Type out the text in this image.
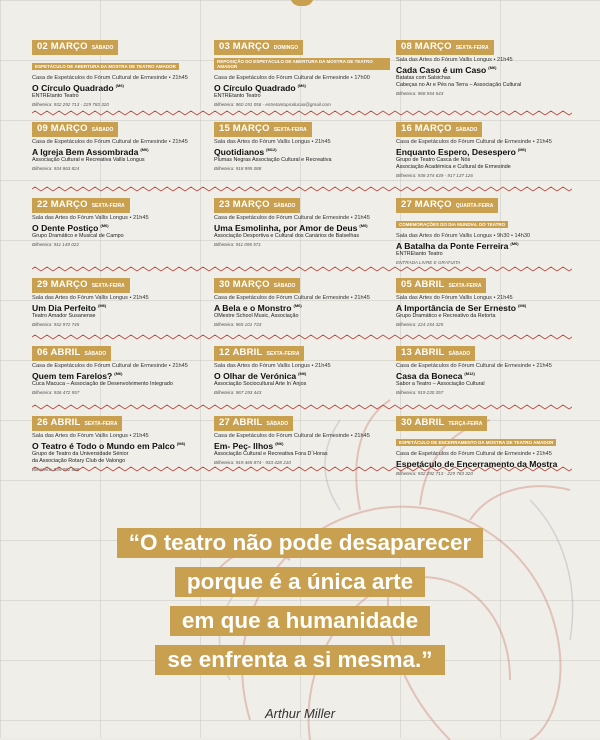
02 MARÇO SÁBADO
ESPETÁCULO DE ABERTURA DA MOSTRA DE TEATRO AMADOR
Casa de Espetáculos do Fórum Cultural de Ermesinde • 21h45
O Círculo Quadrado $^{(M6)}$
ENTREtanto Teatro
Bilheteira: 932 292 713 - 229 783 320
03 MARÇO DOMINGO
REPOSIÇÃO DO ESPETÁCULO DE ABERTURA DA MOSTRA DE TEATRO AMADOR
Casa de Espetáculos do Fórum Cultural de Ermesinde • 17h00
O Círculo Quadrado $^{(M6)}$
ENTREtanto Teatro
Bilheteira: 960 191 056 - entretantoproducao@gmail.com
08 MARÇO SEXTA-FEIRA
Sala das Artes do Fórum Vallis Longus • 21h45
Cada Caso é um Caso $^{(M6)}$
Batatas com Salsichas
Cabeças no Ar e Pés na Terra – Associação Cultural
Bilheteira: 968 554 543
09 MARÇO SÁBADO
Casa de Espetáculos do Fórum Cultural de Ermesinde • 21h45
A Igreja Bem Assombrada $^{(M6)}$
Associação Cultural e Recreativa Vallis Longus
Bilheteira: 934 863 824
15 MARÇO SEXTA-FEIRA
Sala das Artes do Fórum Vallis Longus • 21h45
Quotidianos $^{(M12)}$
Plumas Negras Associação Cultural e Recreativa
Bilheteira: 918 995 088
16 MARÇO SÁBADO
Casa de Espetáculos do Fórum Cultural de Ermesinde • 21h45
Enquanto Espero, Desespero $^{(M6)}$
Grupo de Teatro Casca de Nós
Associação Académica e Cultural de Ermesinde
Bilheteira: 938 374 639 - 917 137 126
22 MARÇO SEXTA-FEIRA
Sala das Artes do Fórum Vallis Longus • 21h45
O Dente Postiço $^{(M6)}$
Grupo Dramático e Musical de Campo
Bilheteira: 911 149 022
23 MARÇO SÁBADO
Casa de Espetáculos do Fórum Cultural de Ermesinde • 21h45
Uma Esmolinha, por Amor de Deus $^{(M6)}$
Associação Desportiva e Cultural dos Canários de Balselhas
Bilheteira: 911 095 571
27 MARÇO QUARTA-FEIRA
COMEMORAÇÕES DO DIA MUNDIAL DO TEATRO
Sala das Artes do Fórum Vallis Longus • 9h30 • 14h30
A Batalha da Ponte Ferreira $^{(M6)}$
ENTREtanto Teatro
ENTRADA LIVRE E GRATUITA
29 MARÇO SEXTA-FEIRA
Sala das Artes do Fórum Vallis Longus • 21h45
Um Dia Perfeito $^{(M6)}$
Teatro Amador Susanense
Bilheteira: 932 972 745
30 MARÇO SÁBADO
Casa de Espetáculos do Fórum Cultural de Ermesinde • 21h45
A Bela e o Monstro $^{(M6)}$
OMestre School Music, Associação
Bilheteira: 965 101 733
05 ABRIL SEXTA-FEIRA
Sala das Artes do Fórum Vallis Longus • 21h45
A Importância de Ser Ernesto $^{(M6)}$
Grupo Dramático e Recreativo da Retorta
Bilheteira: 224 154 325
06 ABRIL SÁBADO
Casa de Espetáculos do Fórum Cultural de Ermesinde • 21h45
Quem tem Farelos? $^{(M6)}$
Cuca Macuca – Associação de Desenvolvimento Integrado
Bilheteira: 936 472 557
12 ABRIL SEXTA-FEIRA
Sala das Artes do Fórum Vallis Longus • 21h45
O Olhar de Verónica $^{(M6)}$
Associação Sociocultural Arte In´Anjos
Bilheteira: 967 193 443
13 ABRIL SÁBADO
Casa de Espetáculos do Fórum Cultural de Ermesinde • 21h45
Casa da Boneca $^{(M12)}$
Sabor a Teatro – Associação Cultural
Bilheteira: 919 230 357
26 ABRIL SEXTA-FEIRA
Sala das Artes do Fórum Vallis Longus • 21h45
O Teatro é Todo o Mundo em Palco $^{(M6)}$
Grupo de Teatro da Universidade Sénior
da Associação Rotary Club de Valongo
Bilheteira: 935 702 828
27 ABRIL SÁBADO
Casa de Espetáculos do Fórum Cultural de Ermesinde • 21h45
Em- Peç- Ilhos $^{(M6)}$
Associação Cultural e Recreativa Fora D´Horas
Bilheteira: 919 465 874 - 933 428 210
30 ABRIL TERÇA-FEIRA
ESPETÁCULO DE ENCERRAMENTO DA MOSTRA DE TEATRO AMADOR
Casa de Espetáculos do Fórum Cultural de Ermesinde • 21h45
Espetáculo de Encerramento da Mostra
Bilheteira: 932 292 713 - 229 783 320
“O teatro não pode desaparecer
porque é a única arte
em que a humanidade
se enfrenta a si mesma.”
Arthur Miller
